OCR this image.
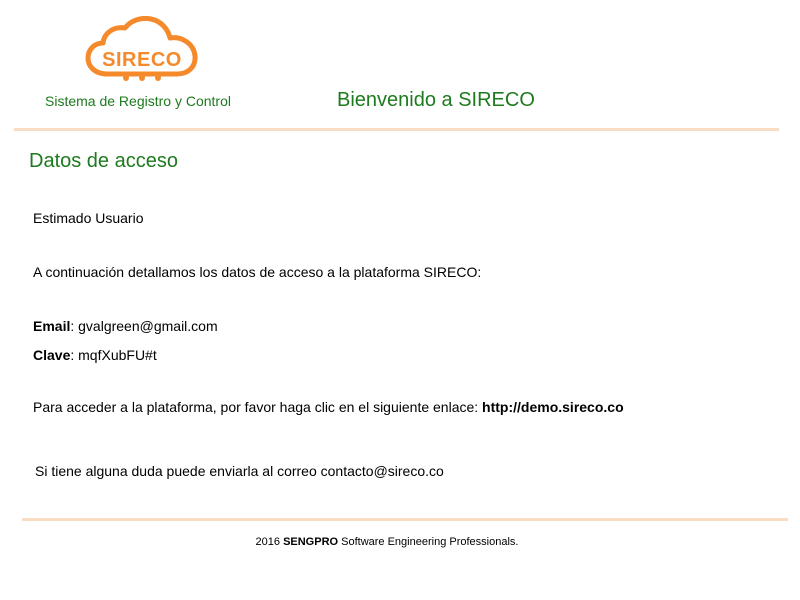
SIRECO
Sistema de Registro y Control	Bienvenido a SIRECO
Datos de acceso
Estimado Usuario
A continuación detallamos los datos de acceso a la plataforma SIRECO:
Email: gvalgreen@gmail.com
Clave: mqfXubFU#t
Para acceder a la plataforma, por favor haga clic en el siguiente enlace: http://demo.sireco.co
Si tiene alguna duda puede enviarla al correo contacto@sireco.co
2016 SENGPRO Software Engineering Professionals.
